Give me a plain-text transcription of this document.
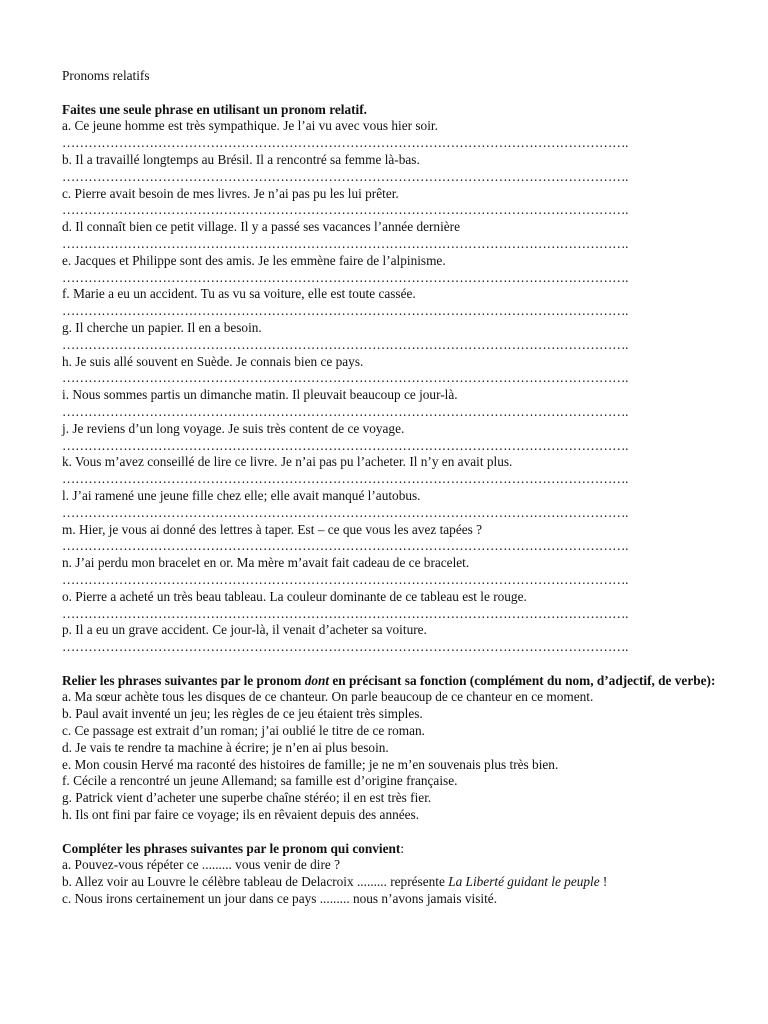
Pronoms relatifs
Faites une seule phrase en utilisant un pronom relatif.
a. Ce jeune homme est très sympathique. Je l’ai vu avec vous hier soir.
………………………………………………………………………………………………………………….
b. Il a travaillé longtemps au Brésil. Il a rencontré sa femme là-bas.
………………………………………………………………………………………………………………….
c. Pierre avait besoin de mes livres. Je n’ai pas pu les lui prêter.
………………………………………………………………………………………………………………….
d. Il connaît bien ce petit village. Il y a passé ses vacances l’année dernière
………………………………………………………………………………………………………………….
e. Jacques et Philippe sont des amis. Je les emmène faire de l’alpinisme.
………………………………………………………………………………………………………………….
f. Marie a eu un accident. Tu as vu sa voiture, elle est toute cassée.
………………………………………………………………………………………………………………….
g. Il cherche un papier. Il en a besoin.
………………………………………………………………………………………………………………….
h. Je suis allé souvent en Suède. Je connais bien ce pays.
………………………………………………………………………………………………………………….
i. Nous sommes partis un dimanche matin. Il pleuvait beaucoup ce jour-là.
………………………………………………………………………………………………………………….
j. Je reviens d’un long voyage. Je suis très content de ce voyage.
………………………………………………………………………………………………………………….
k. Vous m’avez conseillé de lire ce livre. Je n’ai pas pu l’acheter. Il n’y en avait plus.
………………………………………………………………………………………………………………….
l. J’ai ramené une jeune fille chez elle; elle avait manqué l’autobus.
………………………………………………………………………………………………………………….
m. Hier, je vous ai donné des lettres à taper. Est – ce que vous les avez tapées ?
………………………………………………………………………………………………………………….
n. J’ai perdu mon bracelet en or. Ma mère m’avait fait cadeau de ce bracelet.
………………………………………………………………………………………………………………….
o. Pierre a acheté un très beau tableau. La couleur dominante de ce tableau est le rouge.
………………………………………………………………………………………………………………….
p. Il a eu un grave accident. Ce jour-là, il venait d’acheter sa voiture.
………………………………………………………………………………………………………………….
Relier les phrases suivantes par le pronom dont en précisant sa fonction (complément du nom, d’adjectif, de verbe):
a. Ma sœur achète tous les disques de ce chanteur. On parle beaucoup de ce chanteur en ce moment.
b. Paul avait inventé un jeu; les règles de ce jeu étaient très simples.
c. Ce passage est extrait d’un roman; j’ai oublié le titre de ce roman.
d. Je vais te rendre ta machine à écrire; je n’en ai plus besoin.
e. Mon cousin Hervé ma raconté des histoires de famille; je ne m’en souvenais plus très bien.
f. Cécile a rencontré un jeune Allemand; sa famille est d’origine française.
g. Patrick vient d’acheter une superbe chaîne stéréo; il en est très fier.
h. Ils ont fini par faire ce voyage; ils en rêvaient depuis des années.
Compléter les phrases suivantes par le pronom qui convient:
a. Pouvez-vous répéter ce ......... vous venir de dire ?
b. Allez voir au Louvre le célèbre tableau de Delacroix ......... représente La Liberté guidant le peuple !
c. Nous irons certainement un jour dans ce pays ......... nous n’avons jamais visité.
